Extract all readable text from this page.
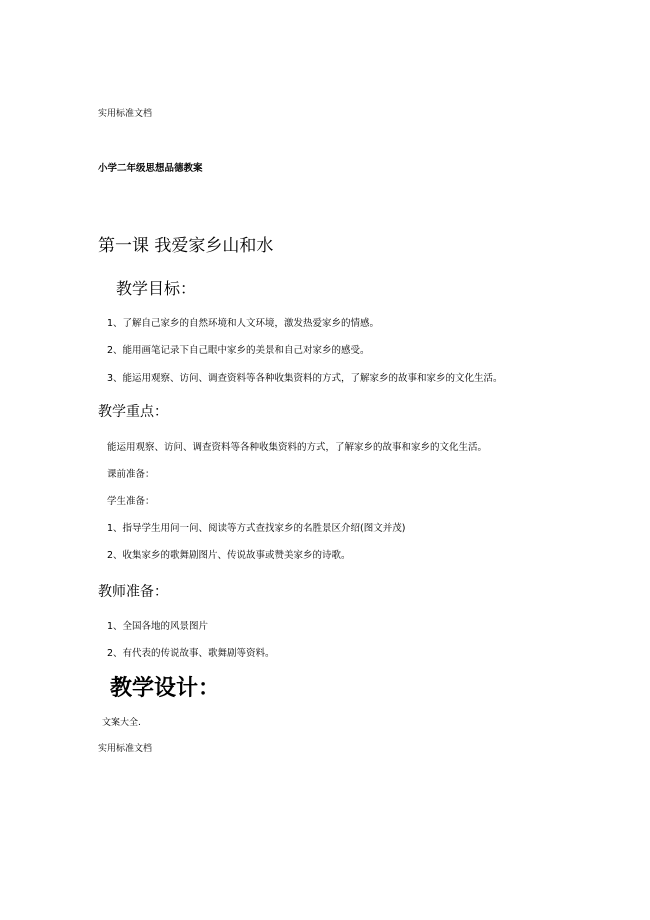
实用标准文档
小学二年级思想品德教案
第一课 我爱家乡山和水
教学目标：
1、了解自己家乡的自然环境和人文环境，激发热爱家乡的情感。
2、能用画笔记录下自己眼中家乡的美景和自己对家乡的感受。
3、能运用观察、访问、调查资料等各种收集资料的方式，了解家乡的故事和家乡的文化生活。
教学重点：
能运用观察、访问、调查资料等各种收集资料的方式，了解家乡的故事和家乡的文化生活。
课前准备：
学生准备：
1、指导学生用问一问、阅读等方式查找家乡的名胜景区介绍(图文并茂)
2、收集家乡的歌舞剧图片、传说故事或赞美家乡的诗歌。
教师准备：
1、全国各地的风景图片
2、有代表的传说故事、歌舞剧等资料。
教学设计：
文案大全.
实用标准文档
